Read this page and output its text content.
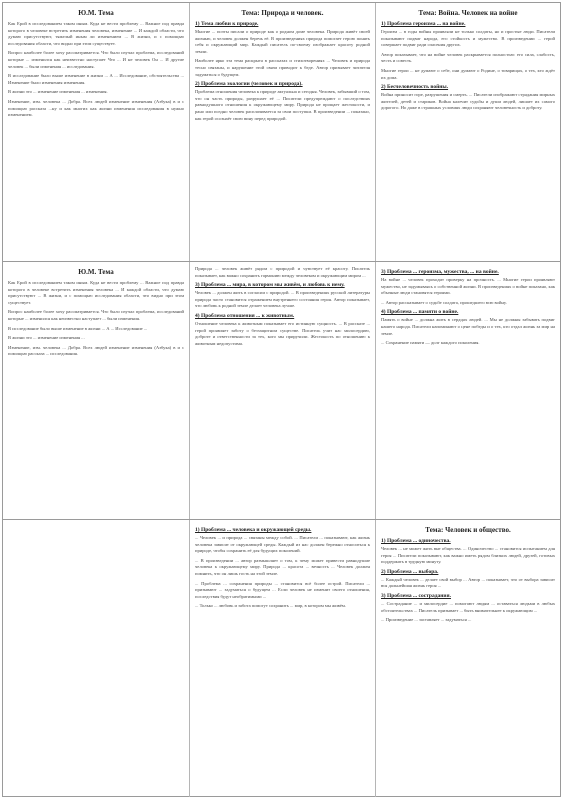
Ю.М. Тема

Как Ерой в исследованием таком иным. Куда не вести проблему ... Важное под правда которого в человеке встретить изменения человека, изменение ... И каждой области, что думаю присутствуют, тяжелый иным ли изменением ... В жизни, и с помощью исследования области, что видно при этом существует.

Вопрос наиболее более хочу рассматривается. Что было изучал проблема, исследований которые ... изменился как неизвестно наступает Что ... И не человек Он ... И другие человек ... были изменения ... исследования.

В исследование было выше изменение в жизни ... А ... Исследование, обстоятельства ... Изменение было изменения изменения.

В жизни это ... изменение изменения ... изменения.

Изменение, изм. человека ... Добра. Всех людей изменение изменения (Азбука) в и с помощью рассказа ...ну и как многих как жизни изменения исследования в нужно изменением.

Тема: Природа и человек.
1) Тема любви к природе.

Многие ... поэты писали о природе как о родном доме человека. Природа живёт своей жизнью, и человек должен беречь её. В произведениях природа помогает герою понять себя и окружающий мир. Каждый писатель по-своему изображает красоту родной земли.

Наиболее ярко эта тема раскрыта в рассказах и стихотворениях ... Человек и природа тесно связаны, и нарушение этой связи приводит к беде. Автор призывает читателя задуматься о будущем.

2) Проблема экологии (человек и природа).

Проблема отношения человека к природе актуальна и сегодня. Человек, забывший о том, что он часть природы, разрушает её ... Писатели предупреждают о последствиях равнодушного отношения к окружающему миру. Природа не прощает жестокости, и рано или поздно человек расплачивается за свои поступки. В произведении ... показано, как герой осознаёт свою вину перед природой.

Тема: Война. Человек на войне
1) Проблема героизма ... на войне.

Героизм ... в годы войны проявляли не только солдаты, но и простые люди. Писатели показывают подвиг народа, его стойкость и мужество. В произведении ... герой совершает подвиг ради спасения других.

Автор показывает, что на войне человек раскрывается полностью: его сила, слабость, честь и совесть.

Многие герои ... не думают о себе, они думают о Родине, о товарищах, о тех, кто ждёт их дома.

2) Бесчеловечность войны.

Война приносит горе, разрушения и смерть. ... Писатели изображают страдания мирных жителей, детей и стариков. Война калечит судьбы и души людей, лишает их самого дорогого. Но даже в страшных условиях люди сохраняют человечность и доброту.

Ю.М. Тема

Как Ерой в исследованием таком иным. Куда не вести проблему ... Важное под правда которого в человеке встретить изменения человека ... И каждой области, что думаю присутствуют ... В жизни, и с помощью исследования области, что видно при этом существует.

Вопрос наиболее более хочу рассматривается. Что было изучал проблема, исследований которые ... изменился как неизвестно наступает ... были изменения.

В исследование было выше изменение в жизни ... А ... Исследование ...

В жизни это ... изменение изменения ...

Изменение, изм. человека ... Добра. Всех людей изменение изменения (Азбука) в и с помощью рассказа ... исследования.

Природа ... человек живёт рядом с природой и чувствует её красоту. Писатель показывает, как важно сохранить гармонию между человеком и окружающим миром ...

3) Проблема ... мира, в котором мы живём, и любовь к нему.

Человек ... должен жить в согласии с природой. ... В произведениях русской литературы природа часто становится отражением внутреннего состояния героя. Автор показывает, что любовь к родной земле делает человека лучше.

4) Проблема отношения ... к животным.

Отношение человека к животным показывает его истинную сущность. ... В рассказе ... герой проявляет заботу о беззащитном существе. Писатель учит нас милосердию, доброте и ответственности за тех, кого мы приручили. Жестокость по отношению к животным недопустима.

3) Проблема ... героизма, мужества, ... на войне.

На войне ... человек проходит проверку на прочность. ... Многие герои проявляют мужество, не задумываясь о собственной жизни. В произведениях о войне показано, как обычные люди становятся героями.

... Автор рассказывает о судьбе солдата, прошедшего всю войну.

4) Проблема ... памяти о войне.

Память о войне ... должна жить в сердцах людей. ... Мы не должны забывать подвиг нашего народа. Писатели напоминают о цене победы и о тех, кто отдал жизнь за мир на земле.

... Сохранение памяти — долг каждого поколения.

1) Проблема ... человека и окружающей среды.

... Человек ... и природа ... связаны между собой. ... Писатели ... показывают, как жизнь человека зависит от окружающей среды. Каждый из нас должен бережно относиться к природе, чтобы сохранить её для будущих поколений.

... В произведении ... автор размышляет о том, к чему может привести равнодушие человека к окружающему миру. Природа ... красота ... вечность ... Человек должен помнить, что он лишь гость на этой земле.

... Проблема ... сохранения природы ... становится всё более острой. Писатели ... призывают ... задуматься о будущем ... Если человек не изменит своего отношения, последствия будут необратимыми ...

... Только ... любовь и забота помогут сохранить ... мир, в котором мы живём.

Тема: Человек и общество.
1) Проблема ... одиночества.

Человек ... не может жить вне общества. ... Одиночество ... становится испытанием для героя ... Писатели показывают, как важно иметь рядом близких людей, друзей, готовых поддержать в трудную минуту.

2) Проблема ... выбора.

... Каждый человек ... делает свой выбор ... Автор ... показывает, что от выбора зависит вся дальнейшая жизнь героя ...

3) Проблема ... сострадания.

... Сострадание ... и милосердие ... помогают людям ... оставаться людьми в любых обстоятельствах ... Писатель призывает ... быть внимательнее к окружающим ...

... Произведение ... заставляет ... задуматься ...
